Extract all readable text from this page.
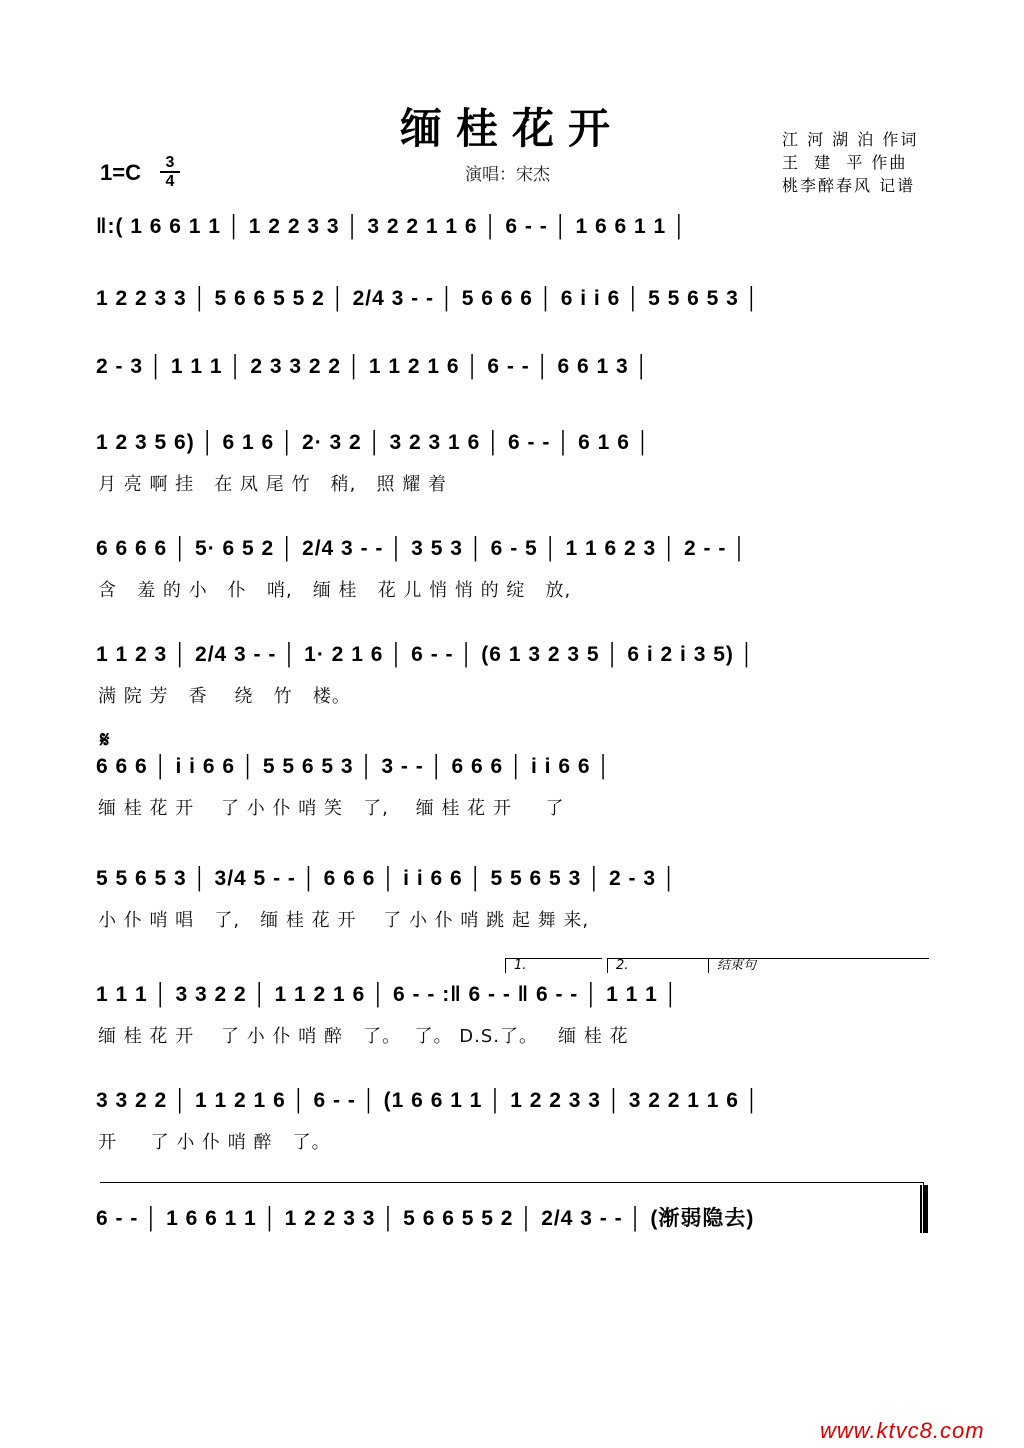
缅桂花开
1=C	3
4	演唱：宋杰
江 河 湖 泊 作词
王  建  平 作曲
桃李醉春风 记谱
𝄋
‖:( 1 6 6 1 1 │ 1 2 2 3 3 │ 3 2 2 1 1 6 │ 6 - - │ 1 6 6 1 1 │
1 2 2 3 3 │ 5 6 6 5 5 2 │ 2/4 3 - - │ 5 6 6 6 │ 6 i i 6 │ 5 5 6 5 3 │
2 - 3 │ 1 1 1 │ 2 3 3 2 2 │ 1 1 2 1 6 │ 6 - - │ 6 6 1 3 │
1 2 3 5 6) │ 6 1 6 │ 2· 3 2 │ 3 2 3 1 6 │ 6 - - │ 6 1 6 │
月 亮 啊 挂   在 凤 尾 竹   稍,   照 耀 着
6 6 6 6 │ 5· 6 5 2 │ 2/4 3 - - │ 3 5 3 │ 6 - 5 │ 1 1 6 2 3 │ 2 - - │
含   羞 的 小   仆   哨,   缅 桂   花 儿 悄 悄 的 绽   放,
1 1 2 3 │ 2/4 3 - - │ 1· 2 1 6 │ 6 - - │ (6 1 3 2 3 5 │ 6 i 2 i 3 5) │
满 院 芳   香    绕   竹   楼。
6 6 6 │ i i 6 6 │ 5 5 6 5 3 │ 3 - - │ 6 6 6 │ i i 6 6 │
缅 桂 花 开    了 小 仆 哨 笑   了,    缅 桂 花 开     了
5 5 6 5 3 │ 3/4 5 - - │ 6 6 6 │ i i 6 6 │ 5 5 6 5 3 │ 2 - 3 │
小 仆 哨 唱   了,   缅 桂 花 开    了 小 仆 哨 跳 起 舞 来,
1.	2.	结束句
1 1 1 │ 3 3 2 2 │ 1 1 2 1 6 │ 6 - - :‖ 6 - - ‖ 6 - - │ 1 1 1 │
缅 桂 花 开    了 小 仆 哨 醉   了。  了。 D.S.了。   缅 桂 花
3 3 2 2 │ 1 1 2 1 6 │ 6 - - │ (1 6 6 1 1 │ 1 2 2 3 3 │ 3 2 2 1 1 6 │
开     了 小 仆 哨 醉   了。
6 - - │ 1 6 6 1 1 │ 1 2 2 3 3 │ 5 6 6 5 5 2 │ 2/4 3 - - │ (渐弱隐去)
www.ktvc8.com
